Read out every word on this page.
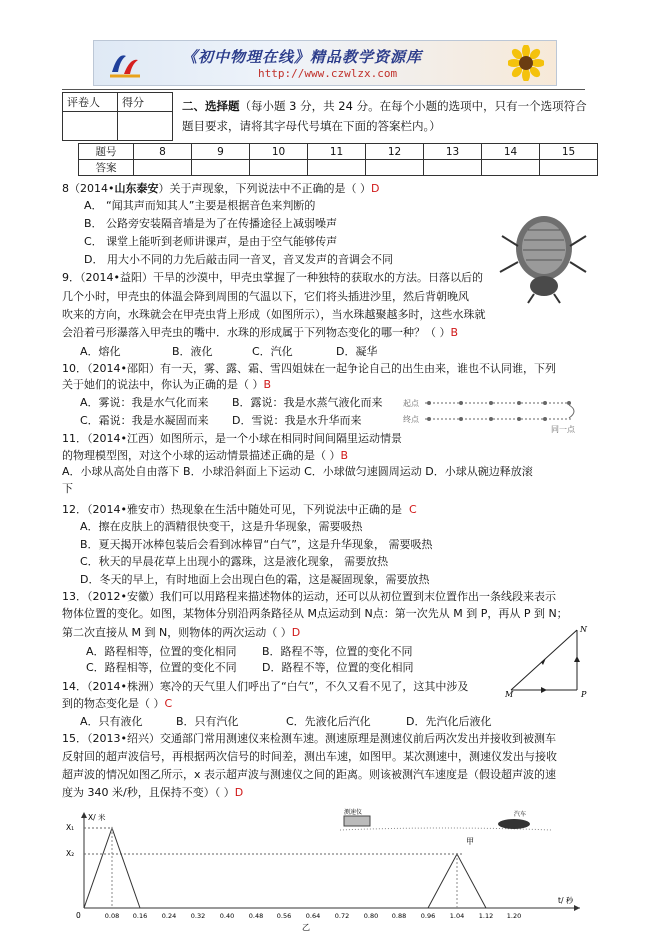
《初中物理在线》精品教学资源库
http://www.czwlzx.com
评卷人	得分
		二、选择题（每小题 3 分，共 24 分。在每个小题的选项中，只有一个选项符合
题目要求，请将其字母代号填在下面的答案栏内。）
题号	8	9	10	11	12	13	14	15
答案								
8（2014•山东泰安）关于声现象，下列说法中不正确的是（ ）D
A． “闻其声而知其人”主要是根据音色来判断的
B． 公路旁安装隔音墙是为了在传播途径上减弱噪声
C． 课堂上能听到老师讲课声，是由于空气能够传声
D． 用大小不同的力先后敲击同一音叉，音叉发声的音调会不同
9．（2014•益阳）干旱的沙漠中，甲壳虫掌握了一种独特的获取水的方法。日落以后的
几个小时，甲壳虫的体温会降到周围的气温以下，它们将头插进沙里，然后背朝晚风
吹来的方向，水珠就会在甲壳虫背上形成（如图所示），当水珠越聚越多时，这些水珠就
会沿着弓形瀑落入甲壳虫的嘴中．水珠的形成属于下列物态变化的哪一种？（ ）B
A．熔化	B．液化	C．汽化	D．凝华
10．（2014•邵阳）有一天，雾、露、霜、雪四姐妹在一起争论自己的出生由来，谁也不认同谁，下列
关于她们的说法中，你认为正确的是（ ）B
A．雾说：我是水气化而来 B．露说：我是水蒸气液化而来
C．霜说：我是水凝固而来 D．雪说：我是水升华而来
起点
终点
同一点
11．（2014•江西）如图所示，是一个小球在相同时间间隔里运动情景
的物理模型图，对这个小球的运动情景描述正确的是（ ）B
A．小球从高处自由落下 B．小球沿斜面上下运动 C．小球做匀速圆周运动 D．小球从碗边释放滚
下
12．（2014•雅安市）热现象在生活中随处可见，下列说法中正确的是 C
A．擦在皮肤上的酒精很快变干，这是升华现象，需要吸热
B．夏天揭开冰棒包装后会看到冰棒冒“白气”，这是升华现象， 需要吸热
C．秋天的早晨花草上出现小的露珠，这是液化现象， 需要放热
D．冬天的早上，有时地面上会出现白色的霜，这是凝固现象，需要放热
13．（2012•安徽）我们可以用路程来描述物体的运动，还可以从初位置到末位置作出一条线段来表示
物体位置的变化。如图，某物体分别沿两条路径从 M点运动到 N点：第一次先从 M 到 P，再从 P 到 N；
第二次直接从 M 到 N，则物体的两次运动（ ）D
A．路程相等，位置的变化相同 B．路程不等，位置的变化不同
C．路程相等，位置的变化不同 D．路程不等，位置的变化相同
M
N
P
14．（2014•株洲）寒冷的天气里人们呼出了“白气”，不久又看不见了，这其中涉及
到的物态变化是（ ）C
A．只有液化	B．只有汽化	C．先液化后汽化	D．先汽化后液化
15．（2013•绍兴）交通部门常用测速仪来检测车速。测速原理是测速仪前后两次发出并接收到被测车
反射回的超声波信号，再根据两次信号的时间差，测出车速，如图甲。某次测速中，测速仪发出与接收
超声波的情况如图乙所示，x 表示超声波与测速仪之间的距离。则该被测汽车速度是（假设超声波的速
度为 340 米/秒，且保持不变）（ ）D
X/ 米
X₁
X₂
0	0.08 0.16 0.24 0.32 0.40 0.48 0.56 0.64 0.72 0.80 0.88 0.96 1.04 1.12 1.20
t/ 秒
乙
测速仪	汽车
甲
